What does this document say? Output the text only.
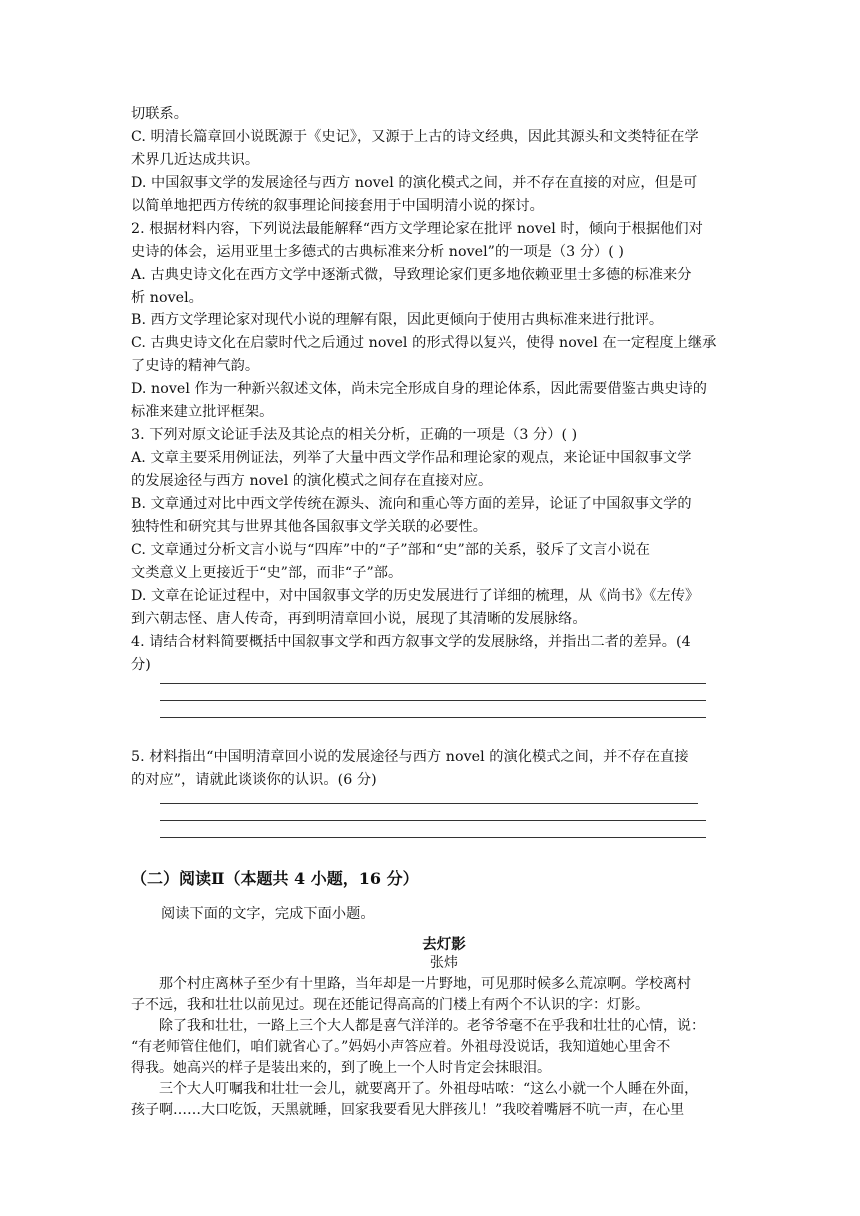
切联系。
C. 明清长篇章回小说既源于《史记》，又源于上古的诗文经典，因此其源头和文类特征在学
术界几近达成共识。
D. 中国叙事文学的发展途径与西方 novel 的演化模式之间，并不存在直接的对应，但是可
以简单地把西方传统的叙事理论间接套用于中国明清小说的探讨。
2. 根据材料内容，下列说法最能解释“西方文学理论家在批评 novel 时，倾向于根据他们对
史诗的体会，运用亚里士多德式的古典标准来分析 novel”的一项是（3 分）( )
A. 古典史诗文化在西方文学中逐渐式微，导致理论家们更多地依赖亚里士多德的标准来分
析 novel。
B. 西方文学理论家对现代小说的理解有限，因此更倾向于使用古典标准来进行批评。
C. 古典史诗文化在启蒙时代之后通过 novel 的形式得以复兴，使得 novel 在一定程度上继承
了史诗的精神气韵。
D. novel 作为一种新兴叙述文体，尚未完全形成自身的理论体系，因此需要借鉴古典史诗的
标准来建立批评框架。
3. 下列对原文论证手法及其论点的相关分析，正确的一项是（3 分）( )
A. 文章主要采用例证法，列举了大量中西文学作品和理论家的观点，来论证中国叙事文学
的发展途径与西方 novel 的演化模式之间存在直接对应。
B. 文章通过对比中西文学传统在源头、流向和重心等方面的差异，论证了中国叙事文学的
独特性和研究其与世界其他各国叙事文学关联的必要性。
C. 文章通过分析文言小说与“四库”中的“子”部和“史”部的关系，驳斥了文言小说在
文类意义上更接近于“史”部，而非“子”部。
D. 文章在论证过程中，对中国叙事文学的历史发展进行了详细的梳理，从《尚书》《左传》
到六朝志怪、唐人传奇，再到明清章回小说，展现了其清晰的发展脉络。
4. 请结合材料简要概括中国叙事文学和西方叙事文学的发展脉络，并指出二者的差异。(4
分)
5. 材料指出“中国明清章回小说的发展途径与西方 novel 的演化模式之间，并不存在直接
的对应”，请就此谈谈你的认识。(6 分)
（二）阅读Ⅱ（本题共 4 小题，16 分）
阅读下面的文字，完成下面小题。
去灯影
张炜
　　那个村庄离林子至少有十里路，当年却是一片野地，可见那时候多么荒凉啊。学校离村
子不远，我和壮壮以前见过。现在还能记得高高的门楼上有两个不认识的字：灯影。
　　除了我和壮壮，一路上三个大人都是喜气洋洋的。老爷爷毫不在乎我和壮壮的心情，说：
“有老师管住他们，咱们就省心了。”妈妈小声答应着。外祖母没说话，我知道她心里舍不
得我。她高兴的样子是装出来的，到了晚上一个人时肯定会抹眼泪。
　　三个大人叮嘱我和壮壮一会儿，就要离开了。外祖母咕哝：“这么小就一个人睡在外面，
孩子啊……大口吃饭，天黑就睡，回家我要看见大胖孩儿！”我咬着嘴唇不吭一声，在心里
